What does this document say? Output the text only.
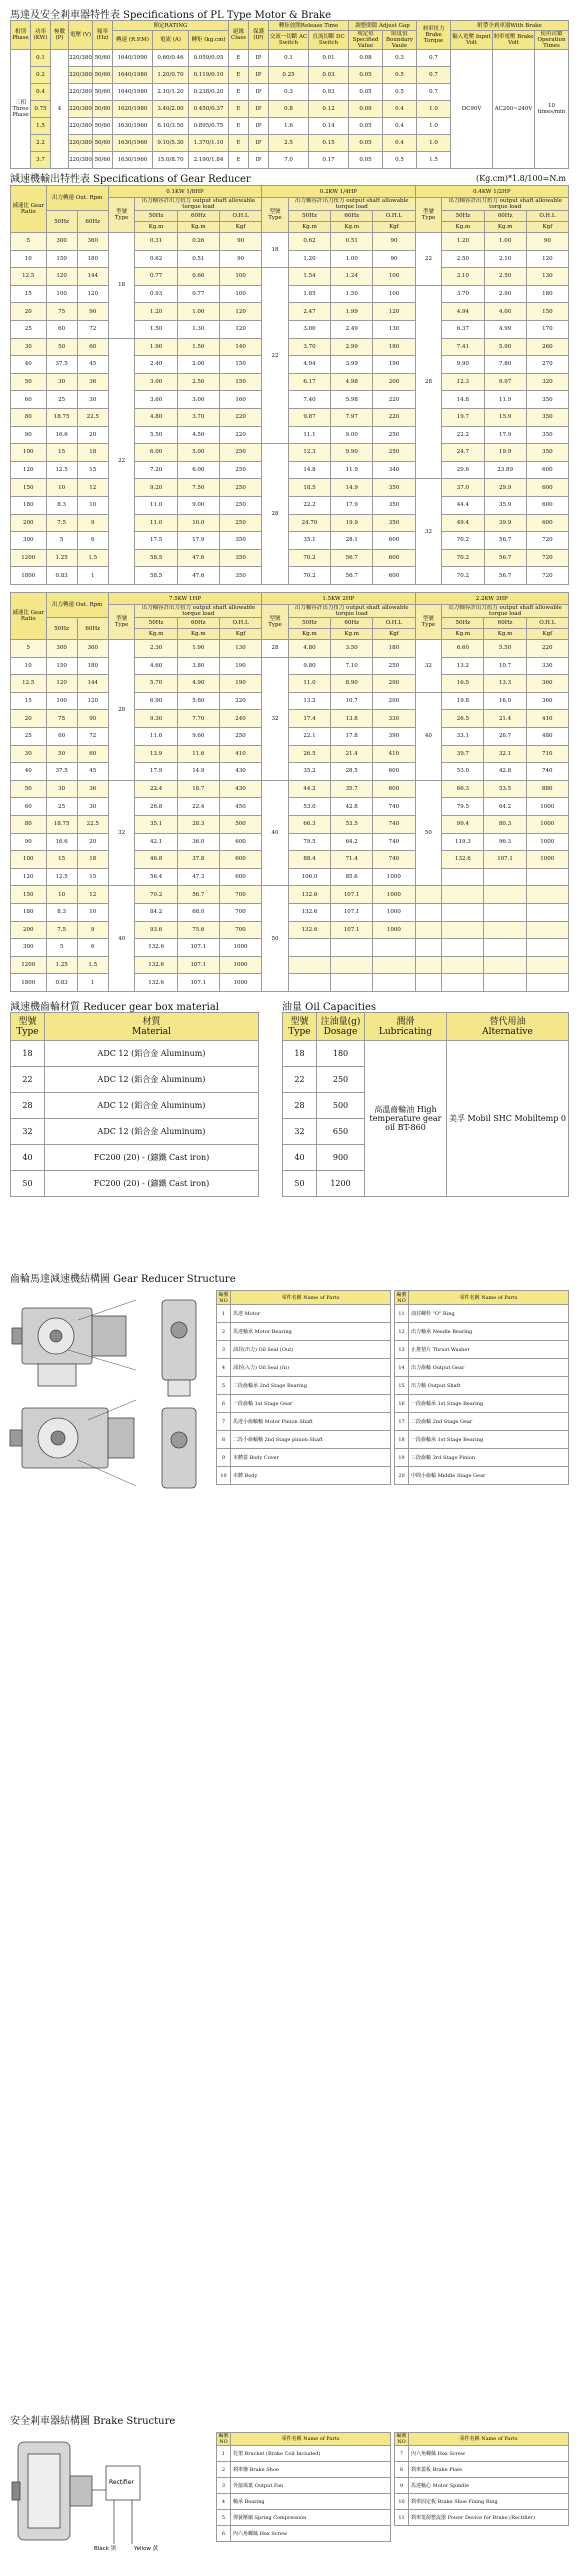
馬達及安全剎車器特性表 Specifications of PL Type Motor & Brake
相別 Phase	功率 (KW)	極數 (P)	電壓 (V)	頻率 (Hz)	額定RATING			絕緣 Class	保護 (IP)	轉矩放開Release Time		調整間隙 Adjust Gap		剎車扭力 Brake Torque	附帶全剎車器With Brake		
					轉速 (R.P.M)	電流 (A)	轉矩 (kg.cm)			交流一切斷 AC Switch	直流切斷 DC Switch	規定值 Specified Value	限度值 Boundary Vaule		輸入電壓 Input Volt	剎車電壓 Brake Volt	使用次數 Operation Times
三相 Three Phase	0.1	4	220/380	50/60	1640/1990	0.60/0.46	0.059/0.05	E	IP	0.1	0.01	0.08	0.3	0.7	DC90V	AC200~240V	10 times/min
	0.2		220/380	50/60	1640/1980	1.20/0.70	0.119/0.10	E	IP	0.25	0.03	0.05	0.5	0.7			
	0.4		220/380	50/60	1640/1980	2.10/1.20	0.238/0.20	E	IP	0.3	0.03	0.05	0.5	0.7			
	0.75		220/380	50/60	1620/1980	3.40/2.00	0.450/0.37	E	IP	0.8	0.12	0.09	0.4	1.0			
	1.5		220/380	50/60	1630/1960	6.10/3.50	0.895/0.75	E	IP	1.6	0.14	0.05	0.4	1.0			
	2.2		220/380	50/60	1630/1960	9.10/5.30	1.370/1.10	E	IP	2.5	0.15	0.05	0.4	1.0			
	3.7		220/380	50/60	1630/1960	15.0/8.70	2.190/1.84	E	IP	7.0	0.17	0.05	0.5	1.5			
減速機輸出特性表 Specifications of Gear Reducer	(Kg.cm)*1.8/100=N.m
減速比 Gear Ratio	出力轉速 Out. Rpm		0.1KW 1/8HP				0.2KW 1/4HP				0.4KW 1/2HP			
			型號 Type	出力軸容許出力扭力 output shaft allowable torque load			型號 Type	出力軸容許出力扭力 output shaft allowable torque load			型號 Type	出力軸容許出力扭力 output shaft allowable torque load		
	50Hz	60Hz		50Hz	60Hz	O.H.L		50Hz	60Hz	O.H.L		50Hz	60Hz	O.H.L
				Kg.m	Kg.m	Kgf		Kg.m	Kg.m	Kgf		Kg.m	Kg.m	Kgf
5	300	360	18	0.31	0.26	90	18	0.62	0.51	90	22	1.20	1.00	90
10	150	180		0.62	0.51	90		1.20	1.00	90		2.50	2.10	120
12.5	120	144		0.77	0.66	100	22	1.54	1.24	100		3.10	2.50	130
15	100	120		0.93	0.77	100		1.85	1.50	100	28	3.70	2.90	180
20	75	90		1.20	1.00	120		2.47	1.99	120		4.94	4.00	150
25	60	72		1.50	1.30	120		3.00	2.49	130		6.37	4.99	170
30	50	60	22	1.90	1.50	140		3.70	2.99	180		7.41	5.90	260
40	37.5	45		2.40	2.00	150		4.94	3.99	190		9.90	7.80	270
50	30	36		3.00	2.50	150		6.17	4.98	200		12.3	9.97	320
60	25	30		3.60	3.00	160		7.40	5.98	220		14.8	11.9	350
80	18.75	22.5		4.80	3.70	220		9.87	7.97	220		19.7	15.9	350
90	16.6	20		5.50	4.50	220		11.1	9.00	250		22.2	17.9	350
100	15	18		6.00	5.00	250	28	12.3	9.90	250		24.7	19.9	350
120	12.5	15		7.20	6.00	250		14.8	11.9	340		29.6	23.89	600
150	10	12		9.20	7.50	250		18.5	14.9	350	32	37.0	29.9	600
180	8.3	10		11.0	9.00	250		22.2	17.9	350		44.4	35.9	600
200	7.5	9		11.0	10.0	250		24.70	19.9	350		49.4	39.9	600
300	5	6		17.5	17.9	350		35.1	28.1	600		70.2	56.7	720
1200	1.25	1.5		58.5	47.6	350		70.2	56.7	600		70.2	56.7	720
1800	0.83	1		58.5	47.6	350		70.2	56.7	600		70.2	56.7	720
減速比 Gear Ratio	出力轉速 Out. Rpm		7.5KW 1HP				1.5KW 2HP				2.2KW 3HP			
			型號 Type	出力軸容許出力扭力 output shaft allowable torque load			型號 Type	出力軸容許出力扭力 output shaft allowable torque load			型號 Type	出力軸容許出力扭力 output shaft allowable torque load		
	50Hz	60Hz		50Hz	60Hz	O.H.L		50Hz	60Hz	O.H.L		50Hz	60Hz	O.H.L
				Kg.m	Kg.m	Kgf		Kg.m	Kg.m	Kgf		Kg.m	Kg.m	Kgf
5	300	360	28	2.30	1.90	130	28	4.80	3.50	180	32	6.60	5.50	220
10	150	180		4.60	3.80	190	32	9.80	7.10	250		13.2	10.7	330
12.5	120	144		5.70	4.90	190		11.0	8.90	290		16.5	13.3	360
15	100	120		6.90	5.60	220		13.2	10.7	290	40	19.8	16.0	360
20	75	90		9.30	7.70	240		17.4	13.8	330		26.5	21.4	410
25	60	72		11.6	9.60	250		22.1	17.8	390		33.1	26.7	480
30	50	60		13.9	11.6	410		26.5	21.4	410		39.7	32.1	710
40	37.5	45		17.9	14.9	430		35.2	28.5	600		53.0	42.8	740
50	30	36	32	22.4	18.7	430	40	44.2	35.7	600	50	66.3	53.5	880
60	25	30		26.8	22.4	450		53.0	42.8	740		79.5	64.2	1000
80	18.75	22.5		35.1	28.3	500		66.3	53.5	740		99.4	80.3	1000
90	16.6	20		42.1	36.0	600		79.5	64.2	740		119.3	96.3	1000
100	15	18		46.8	37.8	600		88.4	71.4	740		132.6	107.1	1000
120	12.5	15		56.4	47.3	600		106.0	85.6	1000				
150	10	12	40	70.2	56.7	700	50	132.6	107.1	1000				
180	8.3	10		84.2	68.0	700		132.6	107.1	1000				
200	7.5	9		93.6	75.6	700		132.6	107.1	1000				
300	5	6		132.6	107.1	1000								
1200	1.25	1.5		132.6	107.1	1000								
1800	0.83	1		132.6	107.1	1000								
減速機齒輪材質 Reducer gear box material
型號
Type	材質
Material
18	ADC 12 (鋁合金 Aluminum)
22	ADC 12 (鋁合金 Aluminum)
28	ADC 12 (鋁合金 Aluminum)
32	ADC 12 (鋁合金 Aluminum)
40	FC200 (20) - (鑄鐵 Cast iron)
50	FC200 (20) - (鑄鐵 Cast iron)
油量 Oil Capacities
型號
Type	注油量(g)
Dosage	潤滑
Lubricating	替代用油
Alternative
18	180	高溫齒輪油 High temperature gear oil BT-860	美孚 Mobil SHC Mobiltemp 0
22	250		
28	500		
32	650		
40	900		
50	1200		
齒輪馬達減速機結構圖 Gear Reducer Structure
編號 NO	零件名稱 Name of Parts
1	馬達 Motor
2	馬達軸承 Motor Bearing
3	油封(出力) Oil Seal (Out)
4	油封(入力) Oil Seal (In)
5	二段齒輪承 2nd Stage Bearing
6	一段齒輪 1st Stage Gear
7	馬達小齒輪軸 Motor Pinion Shaft
8	二段小齒輪軸 2nd Stage pinion Shaft
9	本體蓋 Body Cover
10	本體 Body
編號 NO	零件名稱 Name of Parts
11	油封螺栓 "O" Ring
12	出力軸承 Needle Bearing
13	止推墊片 Thrust Washer
14	出力齒輪 Output Gear
15	出力軸 Output Shaft
16	一段齒輪承 1st Stage Bearing
17	二段齒輪 2nd Stage Gear
18	一段齒輪承 1st Stage Bearing
19	三段齒輪 3rd Stage Pinion
20	中間小齒輪 Middle Stage Gear
安全剎車器結構圖 Brake Structure
Rectifier
Black 黑	Yellow 黃
編號 NO	零件名稱 Name of Parts
1	托架 Bracket (Brake Coil Included)
2	剎車盤 Brake Shoe
3	外接風葉 Output Fan
4	軸承 Bearing
5	彈簧壓縮 Spring Compression
6	內六角螺絲 Hex Screw
編號 NO	零件名稱 Name of Parts
7	內六角螺絲 Hex Screw
8	剎車蓋板 Brake Plate
9	馬達軸心 Motor Spindle
10	剎車固定板 Brake Shoe Fixing Ring
11	剎車電源整流器 Power Device for Brake (Rectifier)
